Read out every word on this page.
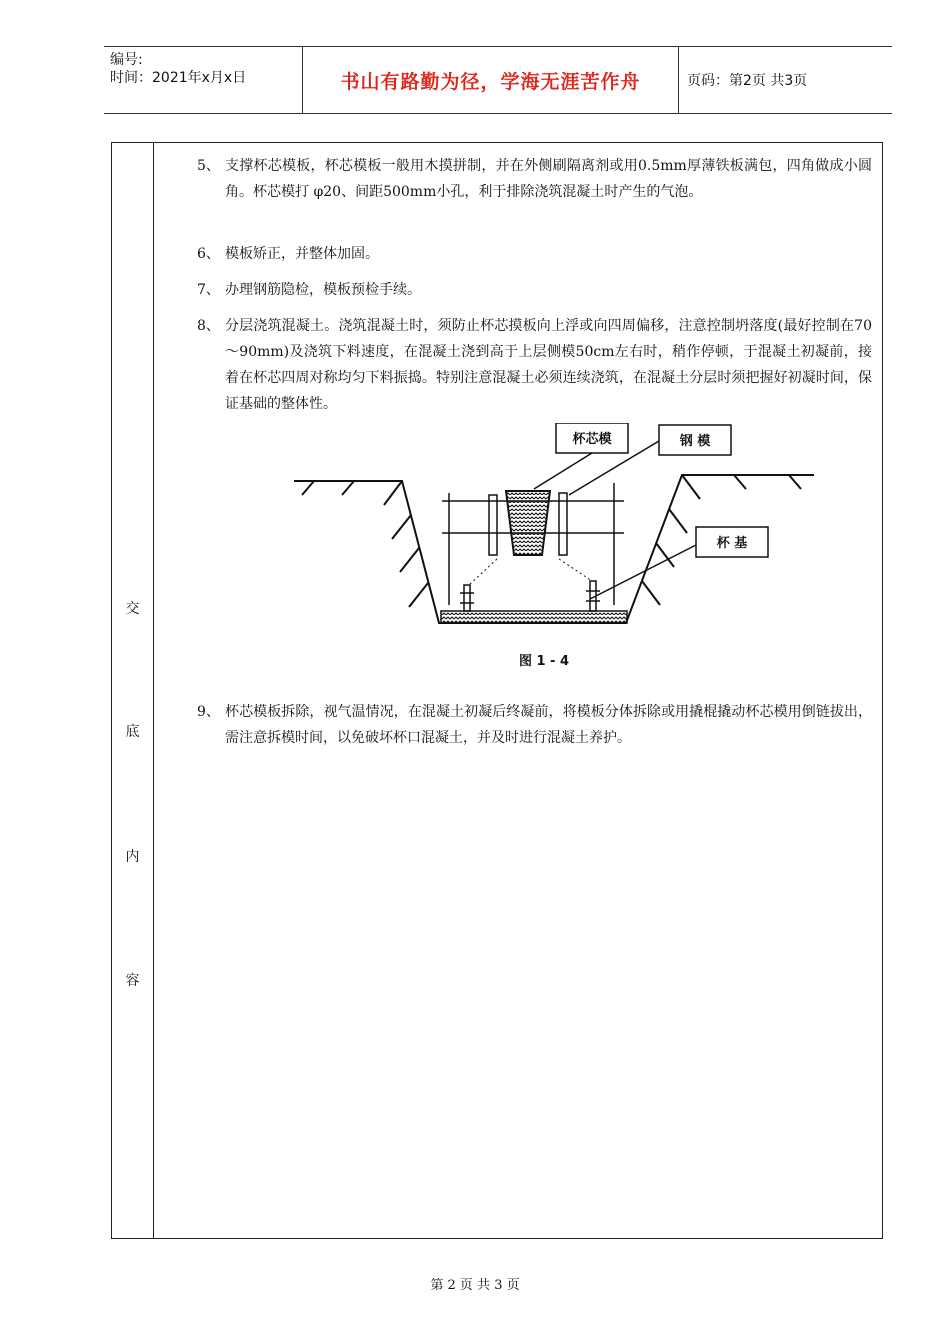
编号:
时间：2021年x月x日	书山有路勤为径，学海无涯苦作舟	页码：第2页 共3页
交
底
内
容
5、 支撑杯芯模板，杯芯模板一般用木摸拼制，并在外侧刷隔离剂或用0.5mm厚薄铁板满包，四角做成小圆角。杯芯模打 φ20、间距500mm小孔，利于排除浇筑混凝土时产生的气泡。
6、 模板矫正，并整体加固。
7、 办理钢筋隐检，模板预检手续。
8、 分层浇筑混凝土。浇筑混凝土时，须防止杯芯摸板向上浮或向四周偏移，注意控制坍落度(最好控制在70～90mm)及浇筑下料速度，在混凝土浇到高于上层侧模50cm左右时，稍作停顿，于混凝土初凝前，接着在杯芯四周对称均匀下料振捣。特别注意混凝土必须连续浇筑，在混凝土分层时须把握好初凝时间，保证基础的整体性。
杯芯模	钢 模
杯 基
图 1 - 4
9、 杯芯模板拆除，视气温情况，在混凝土初凝后终凝前，将模板分体拆除或用撬棍撬动杯芯模用倒链拔出，需注意拆模时间，以免破坏杯口混凝土，并及时进行混凝土养护。
第 2 页 共 3 页
